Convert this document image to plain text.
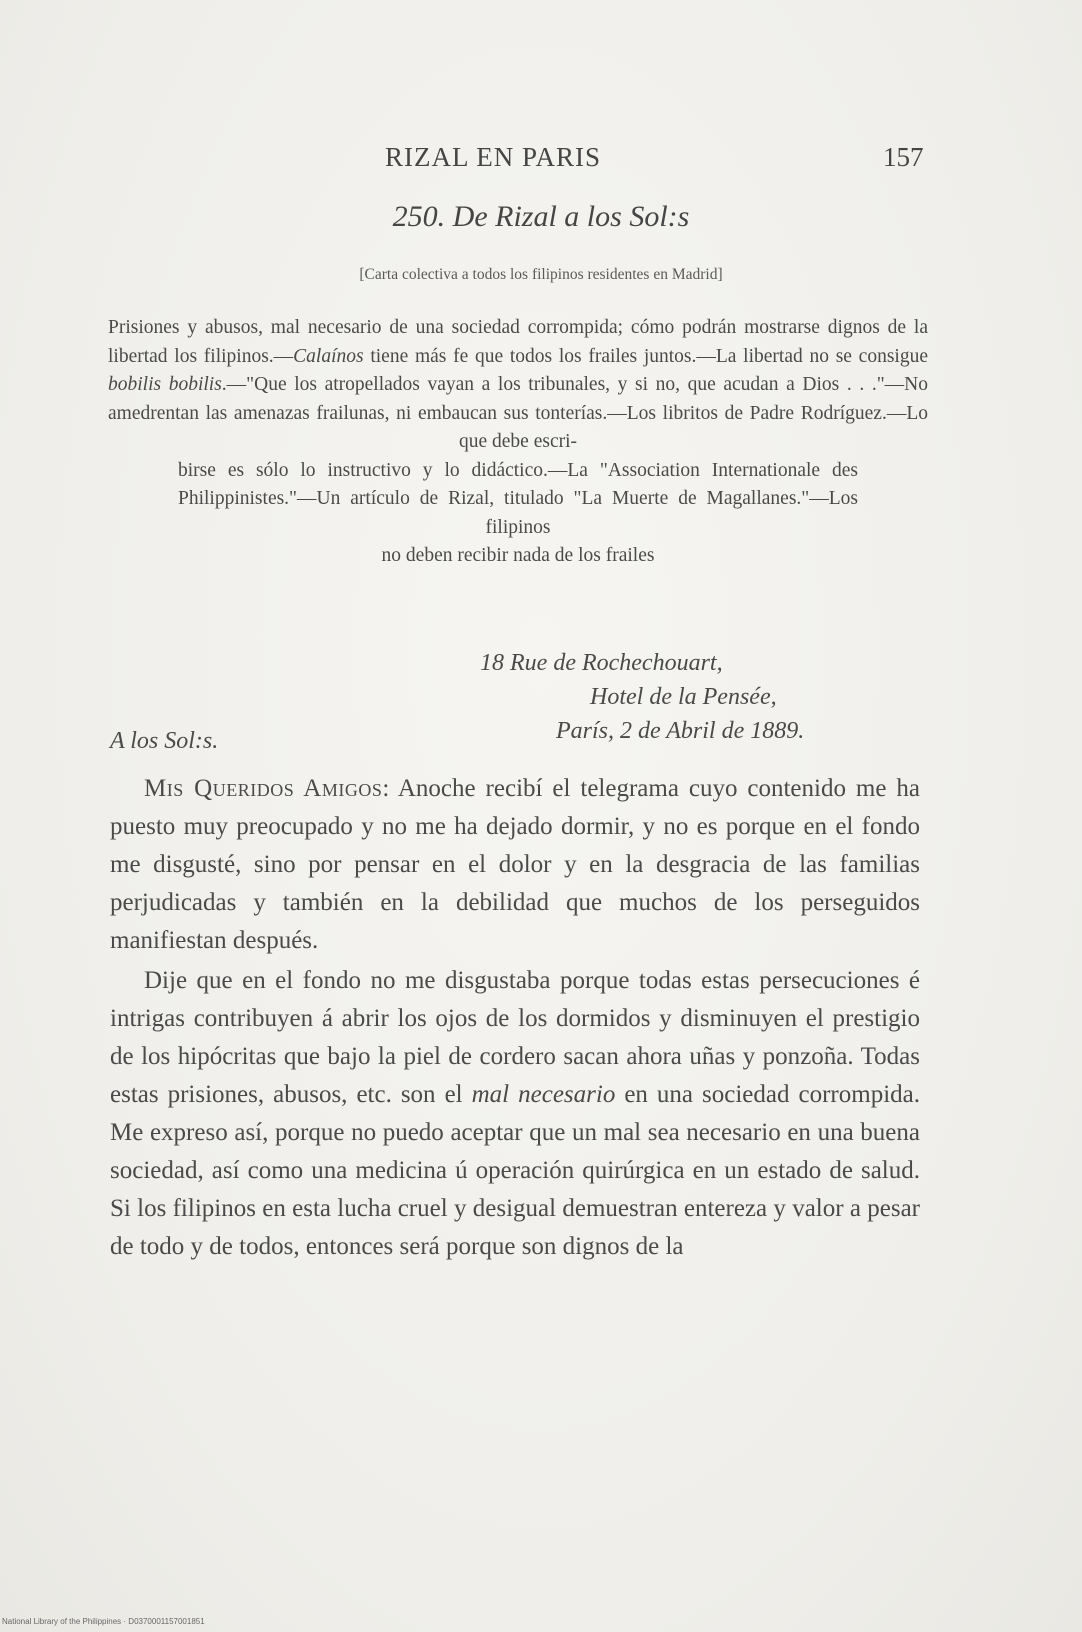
RIZAL EN PARIS	157
250. De Rizal a los Sol:s
[Carta colectiva a todos los filipinos residentes en Madrid]

Prisiones y abusos, mal necesario de una sociedad corrompida; cómo podrán mostrarse dignos de la libertad los filipinos.—Calaínos tiene más fe que todos los frailes juntos.—La libertad no se consigue bobilis bobilis.—"Que los atropellados vayan a los tribunales, y si no, que acudan a Dios . . ."—No amedrentan las amenazas frailunas, ni embaucan sus tonterías.—Los libritos de Padre Rodríguez.—Lo que debe escri-

birse es sólo lo instructivo y lo didáctico.—La "Association Internationale des Philippinistes."—Un artículo de Rizal, titulado "La Muerte de Magallanes."—Los filipinos

no deben recibir nada de los frailes

18 Rue de Rochechouart,
Hotel de la Pensée,
París, 2 de Abril de 1889.
A los Sol:s.

Mis Queridos Amigos: Anoche recibí el telegrama cuyo contenido me ha puesto muy preocupado y no me ha dejado dormir, y no es porque en el fondo me disgusté, sino por pensar en el dolor y en la desgracia de las familias perjudicadas y también en la debilidad que muchos de los perseguidos manifiestan después.

Dije que en el fondo no me disgustaba porque todas estas persecuciones é intrigas contribuyen á abrir los ojos de los dormidos y disminuyen el prestigio de los hipócritas que bajo la piel de cordero sacan ahora uñas y ponzoña. Todas estas prisiones, abusos, etc. son el mal necesario en una sociedad corrompida. Me expreso así, porque no puedo aceptar que un mal sea necesario en una buena sociedad, así como una medicina ú operación quirúrgica en un estado de salud. Si los filipinos en esta lucha cruel y desigual demuestran entereza y valor a pesar de todo y de todos, entonces será porque son dignos de la

National Library of the Philippines · D0370001157001851
